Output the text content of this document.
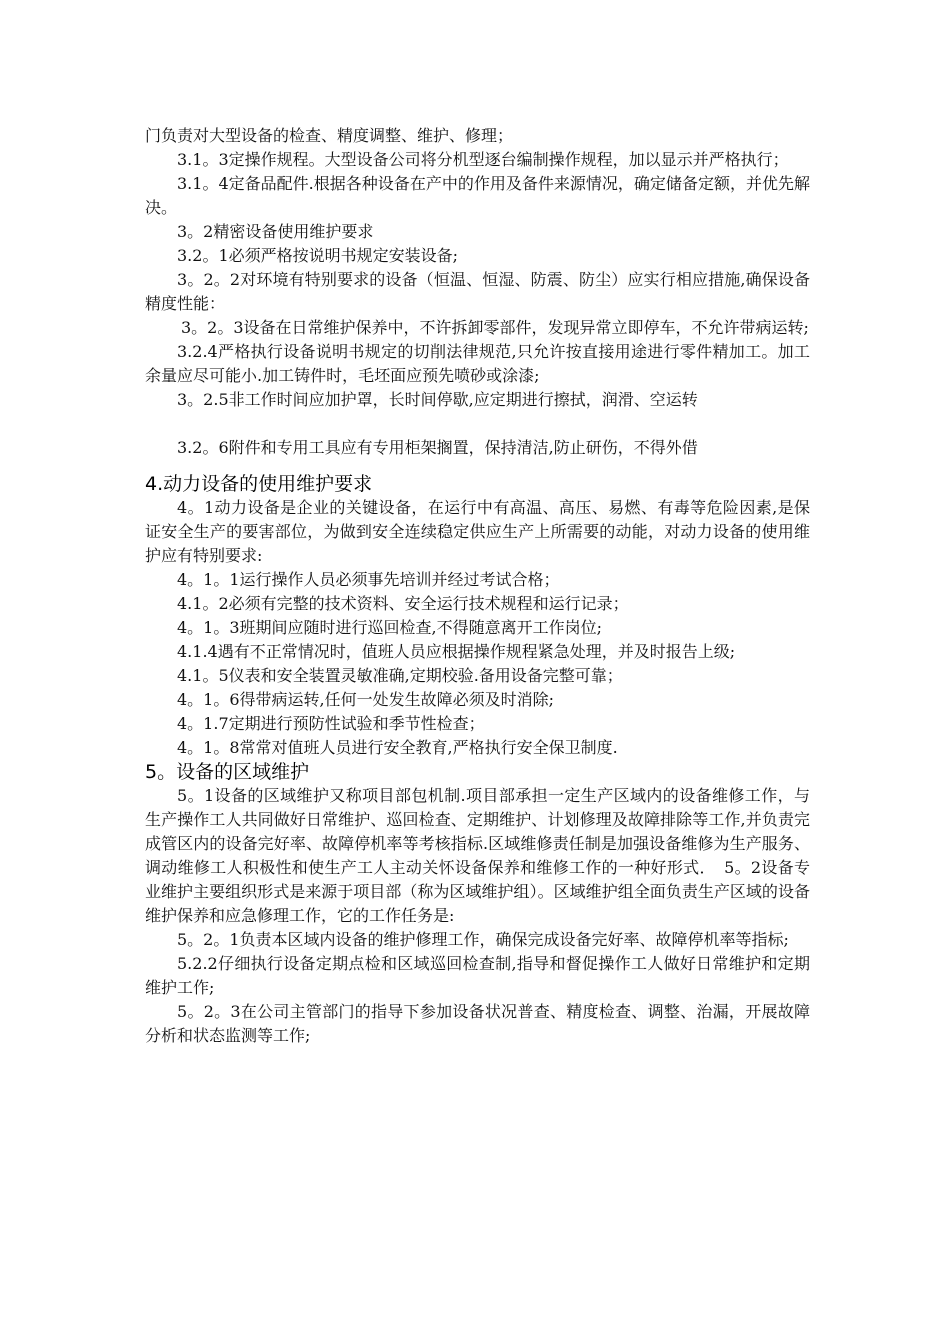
门负责对大型设备的检查、精度调整、维护、修理；

3.1。3定操作规程。大型设备公司将分机型逐台编制操作规程，加以显示并严格执行；

3.1。4定备品配件.根据各种设备在产中的作用及备件来源情况，确定储备定额，并优先解决。

3。2精密设备使用维护要求

3.2。1必须严格按说明书规定安装设备;

3。2。2对环境有特别要求的设备（恒温、恒湿、防震、防尘）应实行相应措施,确保设备精度性能：

3。2。3设备在日常维护保养中，不许拆卸零部件，发现异常立即停车，不允许带病运转;

3.2.4严格执行设备说明书规定的切削法律规范,只允许按直接用途进行零件精加工。加工余量应尽可能小.加工铸件时，毛坯面应预先喷砂或涂漆;

3。2.5非工作时间应加护罩，长时间停歇,应定期进行擦拭，润滑、空运转

3.2。6附件和专用工具应有专用柜架搁置，保持清洁,防止研伤，不得外借

4.动力设备的使用维护要求

4。1动力设备是企业的关键设备，在运行中有高温、高压、易燃、有毒等危险因素,是保证安全生产的要害部位，为做到安全连续稳定供应生产上所需要的动能，对动力设备的使用维护应有特别要求:

4。1。1运行操作人员必须事先培训并经过考试合格；

4.1。2必须有完整的技术资料、安全运行技术规程和运行记录；

4。1。3班期间应随时进行巡回检查,不得随意离开工作岗位;

4.1.4遇有不正常情况时，值班人员应根据操作规程紧急处理，并及时报告上级;

4.1。5仪表和安全装置灵敏准确,定期校验.备用设备完整可靠；

4。1。6得带病运转,任何一处发生故障必须及时消除;

4。1.7定期进行预防性试验和季节性检查；

4。1。8常常对值班人员进行安全教育,严格执行安全保卫制度.

5。设备的区域维护

5。1设备的区域维护又称项目部包机制.项目部承担一定生产区域内的设备维修工作，与生产操作工人共同做好日常维护、巡回检查、定期维护、计划修理及故障排除等工作,并负责完成管区内的设备完好率、故障停机率等考核指标.区域维修责任制是加强设备维修为生产服务、调动维修工人积极性和使生产工人主动关怀设备保养和维修工作的一种好形式．　5。2设备专业维护主要组织形式是来源于项目部（称为区域维护组）。区域维护组全面负责生产区域的设备维护保养和应急修理工作，它的工作任务是:

5。2。1负责本区域内设备的维护修理工作，确保完成设备完好率、故障停机率等指标;

5.2.2仔细执行设备定期点检和区域巡回检查制,指导和督促操作工人做好日常维护和定期维护工作;

5。2。3在公司主管部门的指导下参加设备状况普查、精度检查、调整、治漏，开展故障分析和状态监测等工作;
